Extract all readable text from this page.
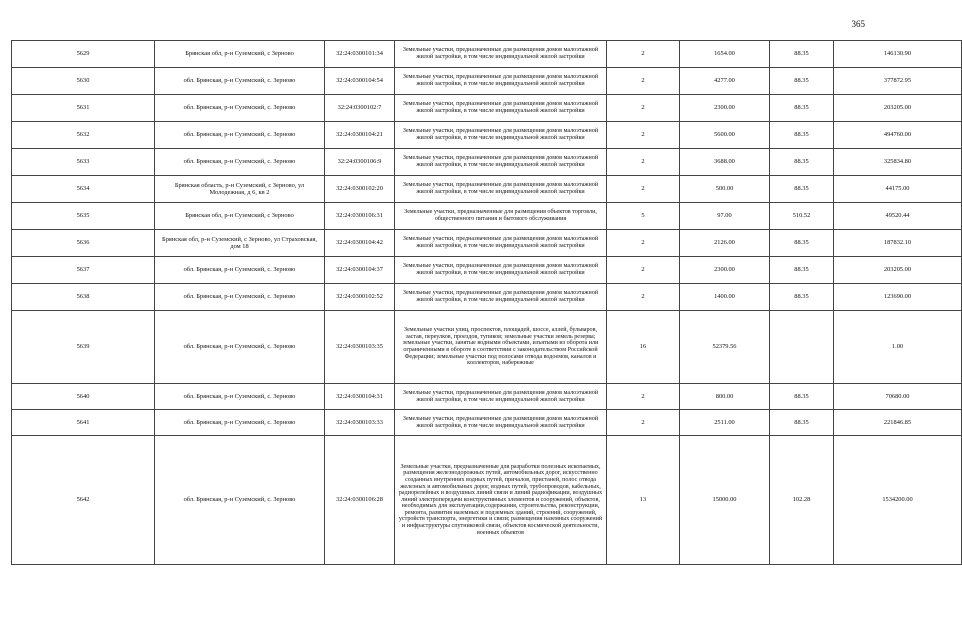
365
5629	Брянская обл, р-н Суземский, с Зерново	32:24:0300101:34	Земельные участки, предназначенные для размещения домов малоэтажной жилой застройки, в том числе индивидуальной жилой застройки	2	1654.00	88.35	146130.90
5630	обл. Брянская, р-н Суземский, с. Зерново	32:24:0300104:54	Земельные участки, предназначенные для размещения домов малоэтажной жилой застройки, в том числе индивидуальной жилой застройки	2	4277.00	88.35	377872.95
5631	обл. Брянская, р-н Суземский, с. Зерново	32:24:0300102:7	Земельные участки, предназначенные для размещения домов малоэтажной жилой застройки, в том числе индивидуальной жилой застройки	2	2300.00	88.35	203205.00
5632	обл. Брянская, р-н Суземский, с. Зерново	32:24:0300104:21	Земельные участки, предназначенные для размещения домов малоэтажной жилой застройки, в том числе индивидуальной жилой застройки	2	5600.00	88.35	494760.00
5633	обл. Брянская, р-н Суземский, с. Зерново	32:24:0300106:9	Земельные участки, предназначенные для размещения домов малоэтажной жилой застройки, в том числе индивидуальной жилой застройки	2	3688.00	88.35	325834.80
5634	Брянская область, р-н Суземский, с Зерново, ул Молодежная, д 6, кв 2	32:24:0300102:20	Земельные участки, предназначенные для размещения домов малоэтажной жилой застройки, в том числе индивидуальной жилой застройки	2	500.00	88.35	44175.00
5635	Брянская обл, р-н Суземский, с Зерново	32:24:0300106:31	Земельные участки, предназначенные для размещения объектов торговли, общественного питания и бытового обслуживания	5	97.00	510.52	49520.44
5636	Брянская обл, р-н Суземский, с Зерново, ул Страховская, дом 18	32:24:0300104:42	Земельные участки, предназначенные для размещения домов малоэтажной жилой застройки, в том числе индивидуальной жилой застройки	2	2126.00	88.35	187832.10
5637	обл. Брянская, р-н Суземский, с. Зерново	32:24:0300104:37	Земельные участки, предназначенные для размещения домов малоэтажной жилой застройки, в том числе индивидуальной жилой застройки	2	2300.00	88.35	203205.00
5638	обл. Брянская, р-н Суземский, с. Зерново	32:24:0300102:52	Земельные участки, предназначенные для размещения домов малоэтажной жилой застройки, в том числе индивидуальной жилой застройки	2	1400.00	88.35	123690.00
5639	обл. Брянская, р-н Суземский, с. Зерново	32:24:0300103:35	Земельные участки улиц, проспектов, площадей, шоссе, аллей, бульваров, застав, переулков, проездов, тупиков; земельные участки земель резерва; земельные участки, занятые водными объектами, изъятыми из оборота или ограниченными в обороте в соответствии с законодательством Российской Федерации; земельные участки под полосами отвода водоемов, каналов и коллекторов, набережные	16	52379.56		1.00
5640	обл. Брянская, р-н Суземский, с. Зерново	32:24:0300104:31	Земельные участки, предназначенные для размещения домов малоэтажной жилой застройки, в том числе индивидуальной жилой застройки	2	800.00	88.35	70680.00
5641	обл. Брянская, р-н Суземский, с. Зерново	32:24:0300103:33	Земельные участки, предназначенные для размещения домов малоэтажной жилой застройки, в том числе индивидуальной жилой застройки	2	2511.00	88.35	221846.85
5642	обл. Брянская, р-н Суземский, с. Зерново	32:24:0300106:28	Земельные участки, предназначенные для разработки полезных ископаемых, размещения железнодорожных путей, автомобильных дорог, искусственно созданных внутренних водных путей, причалов, пристаней, полос отвода железных и автомобильных дорог, водных путей, трубопроводов, кабельных, радиорелейных и воздушных линий связи и линий радиофикации, воздушных линий электропередачи конструктивных элементов и сооружений, объектов, необходимых для эксплуатации,содержания, строительства, реконструкции, ремонта, развития наземных и подземных зданий, строений, сооружений, устройств транспорта, энергетики и связи; размещения наземных сооружений и инфраструктуры спутниковой связи, объектов космической деятельности, военных объектов	13	15000.00	102.28	1534200.00
